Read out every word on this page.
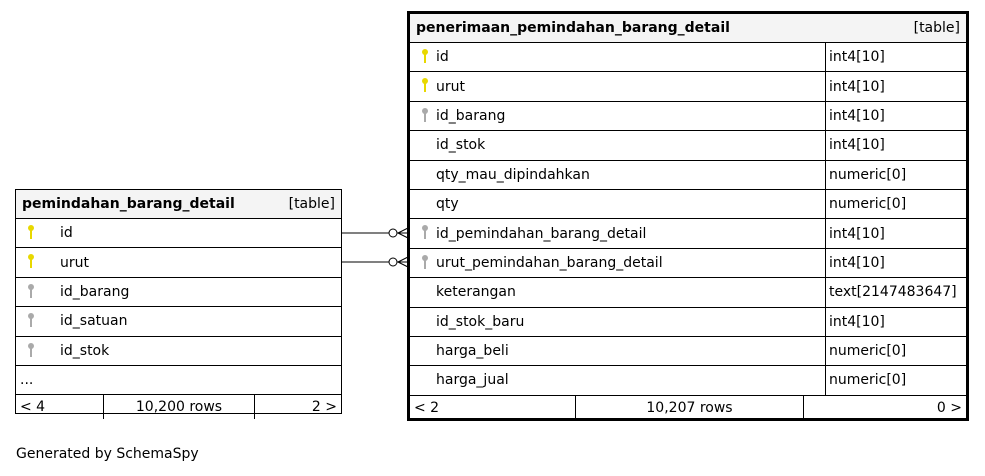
pemindahan_barang_detail	[table]
id
urut
id_barang
id_satuan
id_stok
...
< 4	10,200 rows	2 >
penerimaan_pemindahan_barang_detail	[table]
id	int4[10]
urut	int4[10]
id_barang	int4[10]
id_stok	int4[10]
qty_mau_dipindahkan	numeric[0]
qty	numeric[0]
id_pemindahan_barang_detail	int4[10]
urut_pemindahan_barang_detail	int4[10]
keterangan	text[2147483647]
id_stok_baru	int4[10]
harga_beli	numeric[0]
harga_jual	numeric[0]
< 2	10,207 rows	0 >
Generated by SchemaSpy
